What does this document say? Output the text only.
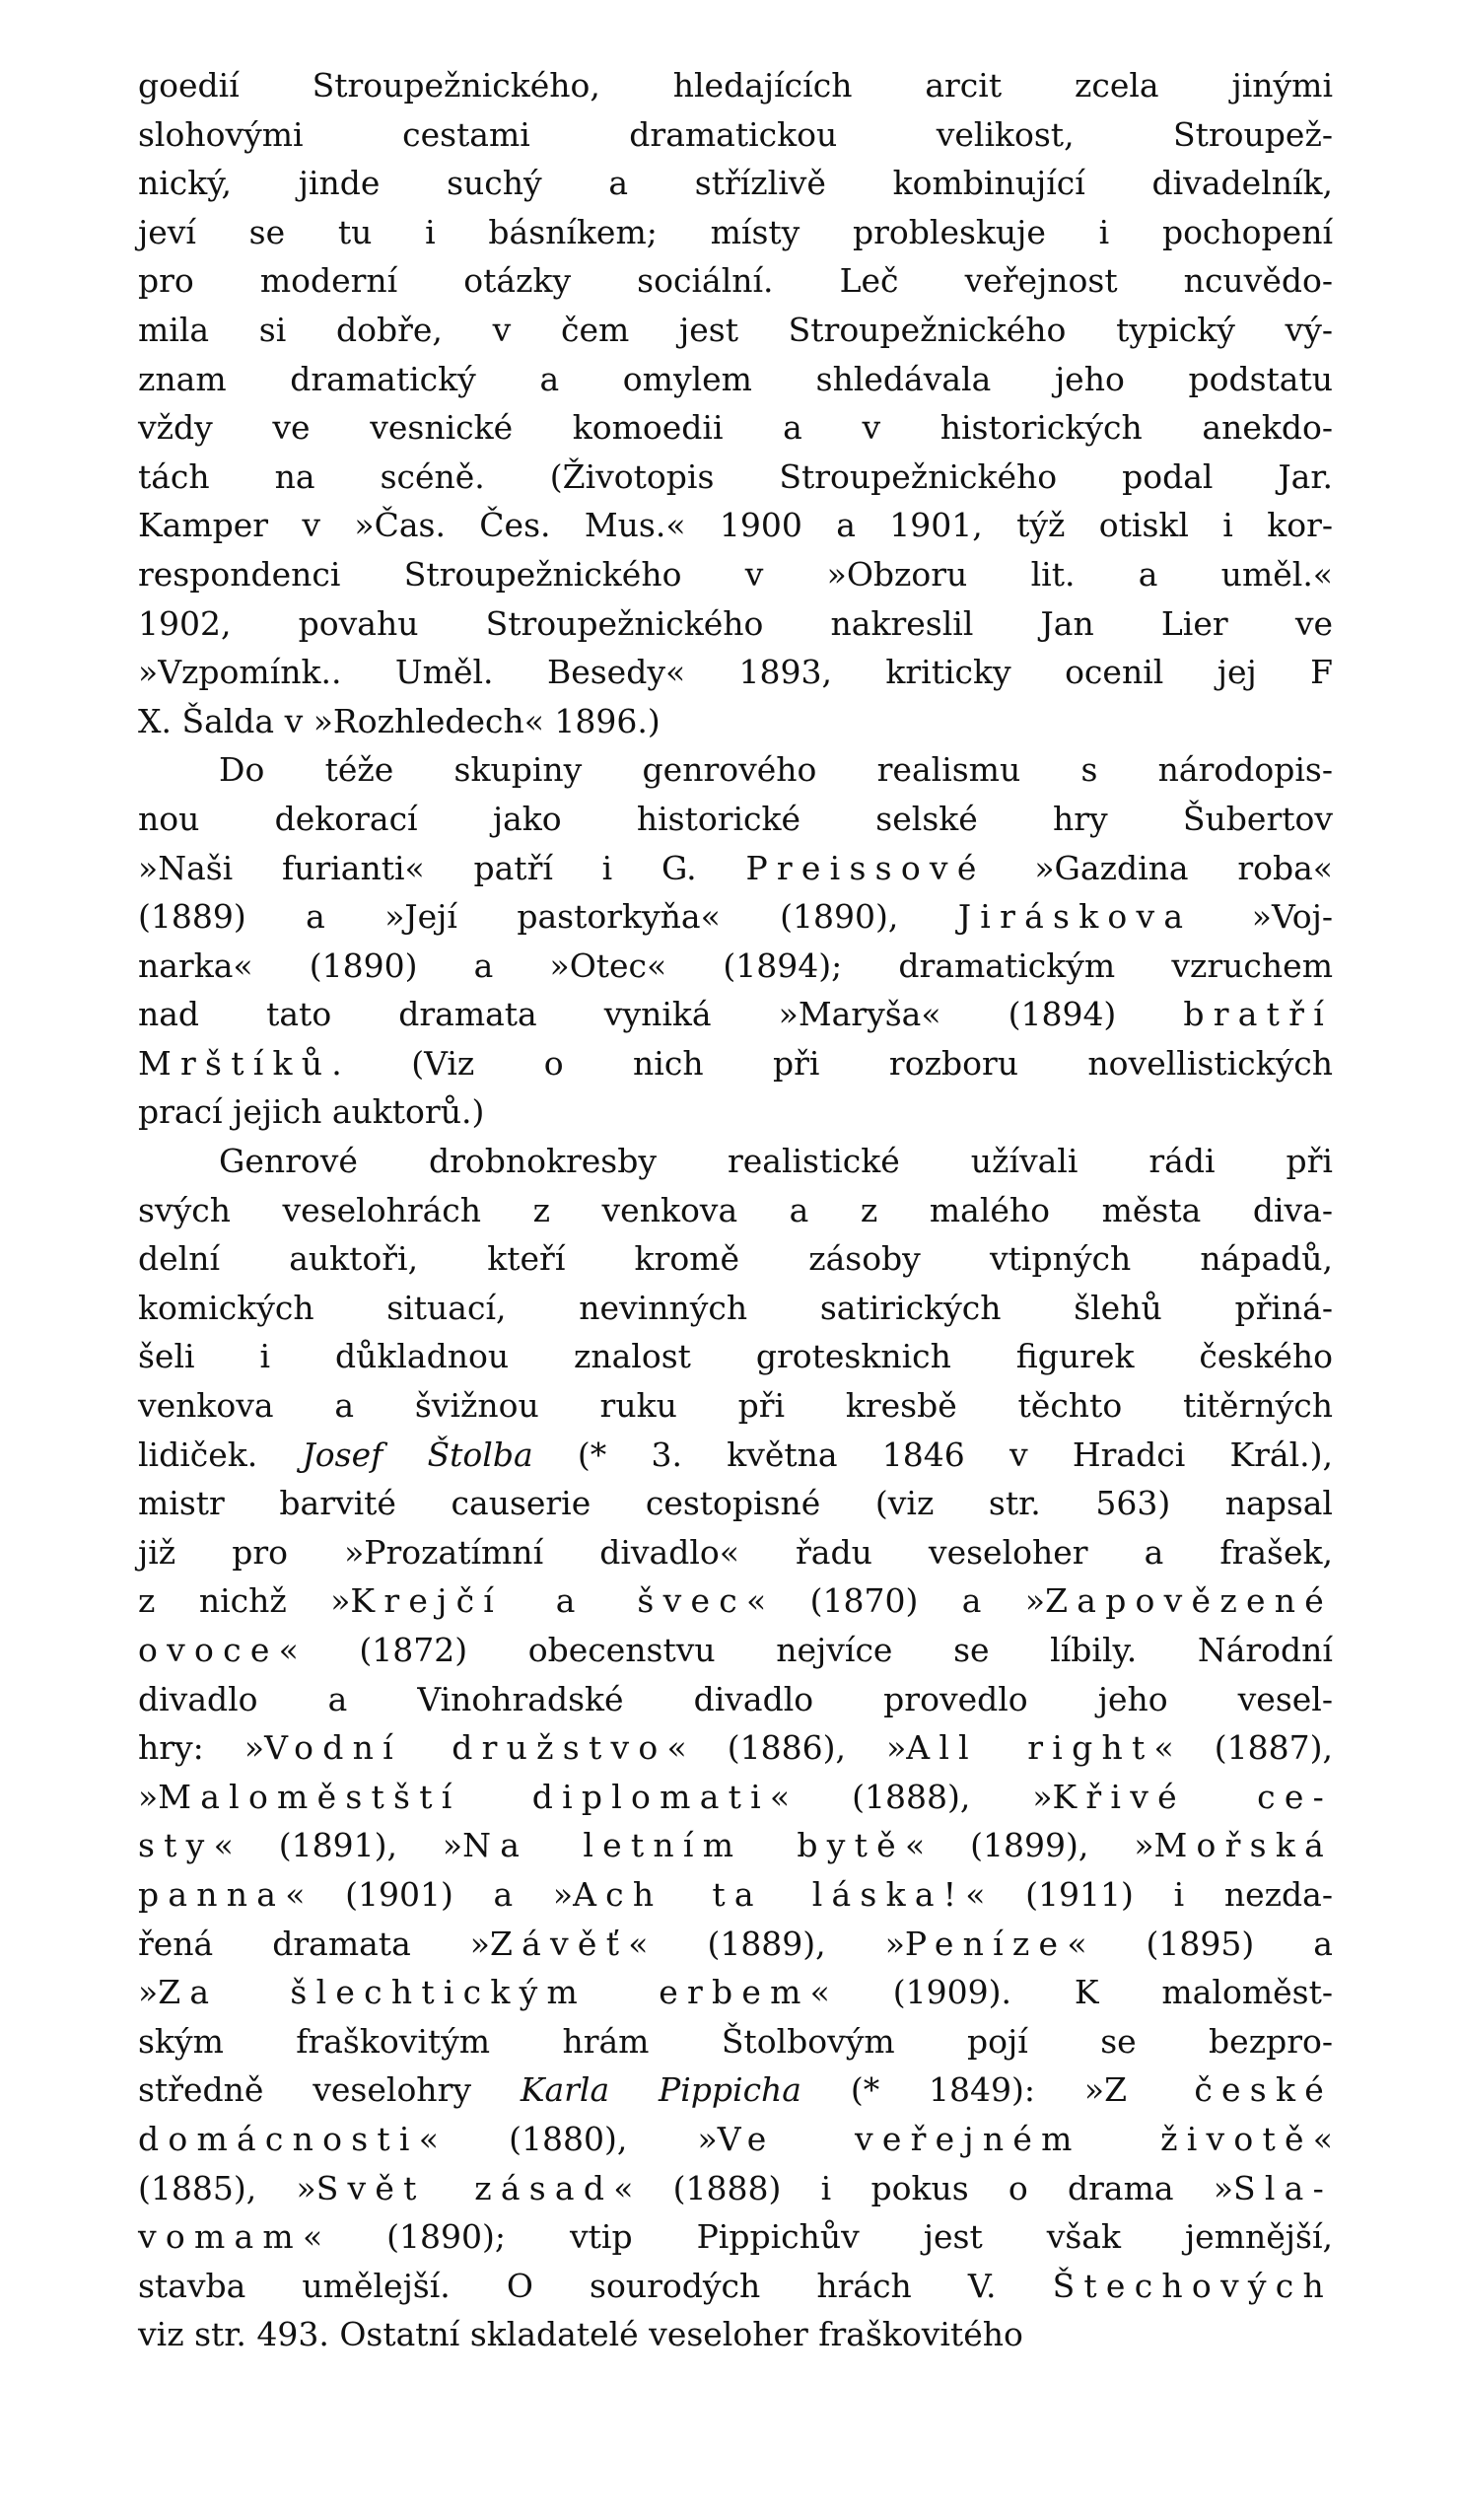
goedií Stroupežnického, hledajících arcit zcela jinými
slohovými cestami dramatickou velikost, Stroupež-
nický, jinde suchý a střízlivě kombinující divadelník,
jeví se tu i básníkem; místy probleskuje i pochopení
pro moderní otázky sociální. Leč veřejnost ncuvědo-
mila si dobře, v čem jest Stroupežnického typický vý-
znam dramatický a omylem shledávala jeho podstatu
vždy ve vesnické komoedii a v historických anekdo-
tách na scéně. (Životopis Stroupežnického podal Jar.
Kamper v »Čas. Čes. Mus.« 1900 a 1901, týž otiskl i kor-
respondenci Stroupežnického v »Obzoru lit. a uměl.«
1902, povahu Stroupežnického nakreslil Jan Lier ve
»Vzpomínk.. Uměl. Besedy« 1893, kriticky ocenil jej F
X. Šalda v »Rozhledech« 1896.)
Do téže skupiny genrového realismu s národopis-
nou dekorací jako historické selské hry Šubertov
»Naši furianti« patří i G. Preissové »Gazdina roba«
(1889) a »Její pastorkyňa« (1890), Jiráskova »Voj-
narka« (1890) a »Otec« (1894); dramatickým vzruchem
nad tato dramata vyniká »Maryša« (1894) bratří
Mrštíků. (Viz o nich při rozboru novellistických
prací jejich auktorů.)
Genrové drobnokresby realistické užívali rádi při
svých veselohrách z venkova a z malého města diva-
delní auktoři, kteří kromě zásoby vtipných nápadů,
komických situací, nevinných satirických šlehů přiná-
šeli i důkladnou znalost grotesknich figurek českého
venkova a švižnou ruku při kresbě těchto titěrných
lidiček. Josef Štolba (* 3. května 1846 v Hradci Král.),
mistr barvité causerie cestopisné (viz str. 563) napsal
již pro »Prozatímní divadlo« řadu veseloher a frašek,
z nichž »Krejčí a švec« (1870) a »Zapovězené
ovoce« (1872) obecenstvu nejvíce se líbily. Národní
divadlo a Vinohradské divadlo provedlo jeho vesel-
hry: »Vodní družstvo« (1886), »All right« (1887),
»Maloměstští diplomati« (1888), »Křivé ce-
sty« (1891), »Na letním bytě« (1899), »Mořská
panna« (1901) a »Ach ta láska!« (1911) i nezda-
řená dramata »Závěť« (1889), »Peníze« (1895) a
»Za šlechtickým erbem« (1909). K maloměst-
ským fraškovitým hrám Štolbovým pojí se bezpro-
středně veselohry Karla Pippicha (* 1849): »Z české
domácnosti« (1880), »Ve veřejném životě«
(1885), »Svět zásad« (1888) i pokus o drama »Sla-
vomam« (1890); vtip Pippichův jest však jemnější,
stavba umělejší. O sourodých hrách V. Štechových
viz str. 493. Ostatní skladatelé veseloher fraškovitého
